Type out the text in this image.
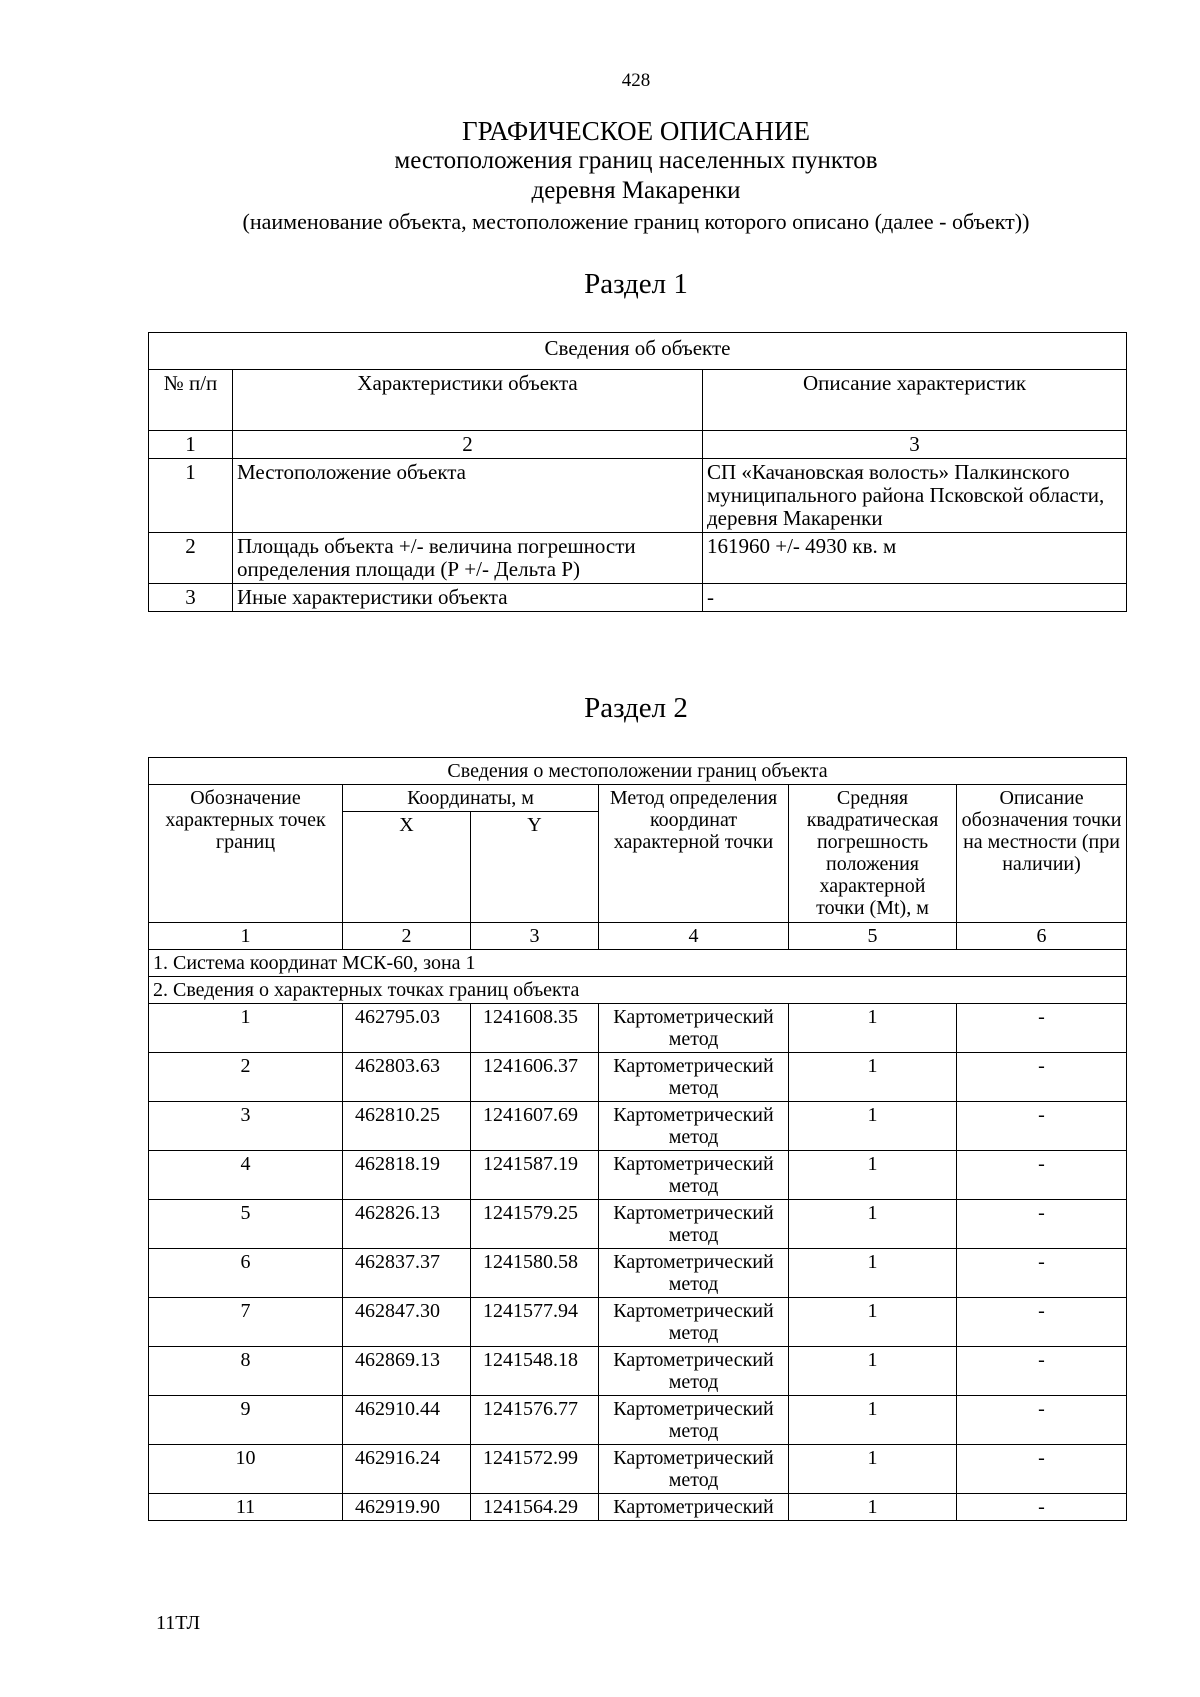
428
ГРАФИЧЕСКОЕ ОПИСАНИЕ
местоположения границ населенных пунктов
деревня Макаренки
(наименование объекта, местоположение границ которого описано (далее - объект))
Раздел 1
Сведения об объекте		
№ п/п	Характеристики объекта	Описание характеристик
1	2	3
1	Местоположение объекта	СП «Качановская волость» Палкинского муниципального района Псковской области, деревня Макаренки
2	Площадь объекта +/- величина погрешности определения площади (Р +/- Дельта Р)	161960 +/- 4930 кв. м
3	Иные характеристики объекта	-
Раздел 2
Сведения о местоположении границ объекта					
Обозначение характерных точек границ	Координаты, м		Метод определения координат характерной точки	Средняя квадратическая погрешность положения характерной точки (Mt), м	Описание обозначения точки на местности (при наличии)
	X	Y			
1	2	3	4	5	6
1. Система координат МСК-60, зона 1					
2. Сведения о характерных точках границ объекта					
1	462795.03	1241608.35	Картометрический метод	1	-
2	462803.63	1241606.37	Картометрический метод	1	-
3	462810.25	1241607.69	Картометрический метод	1	-
4	462818.19	1241587.19	Картометрический метод	1	-
5	462826.13	1241579.25	Картометрический метод	1	-
6	462837.37	1241580.58	Картометрический метод	1	-
7	462847.30	1241577.94	Картометрический метод	1	-
8	462869.13	1241548.18	Картометрический метод	1	-
9	462910.44	1241576.77	Картометрический метод	1	-
10	462916.24	1241572.99	Картометрический метод	1	-
11	462919.90	1241564.29	Картометрический	1	-
11ТЛ
